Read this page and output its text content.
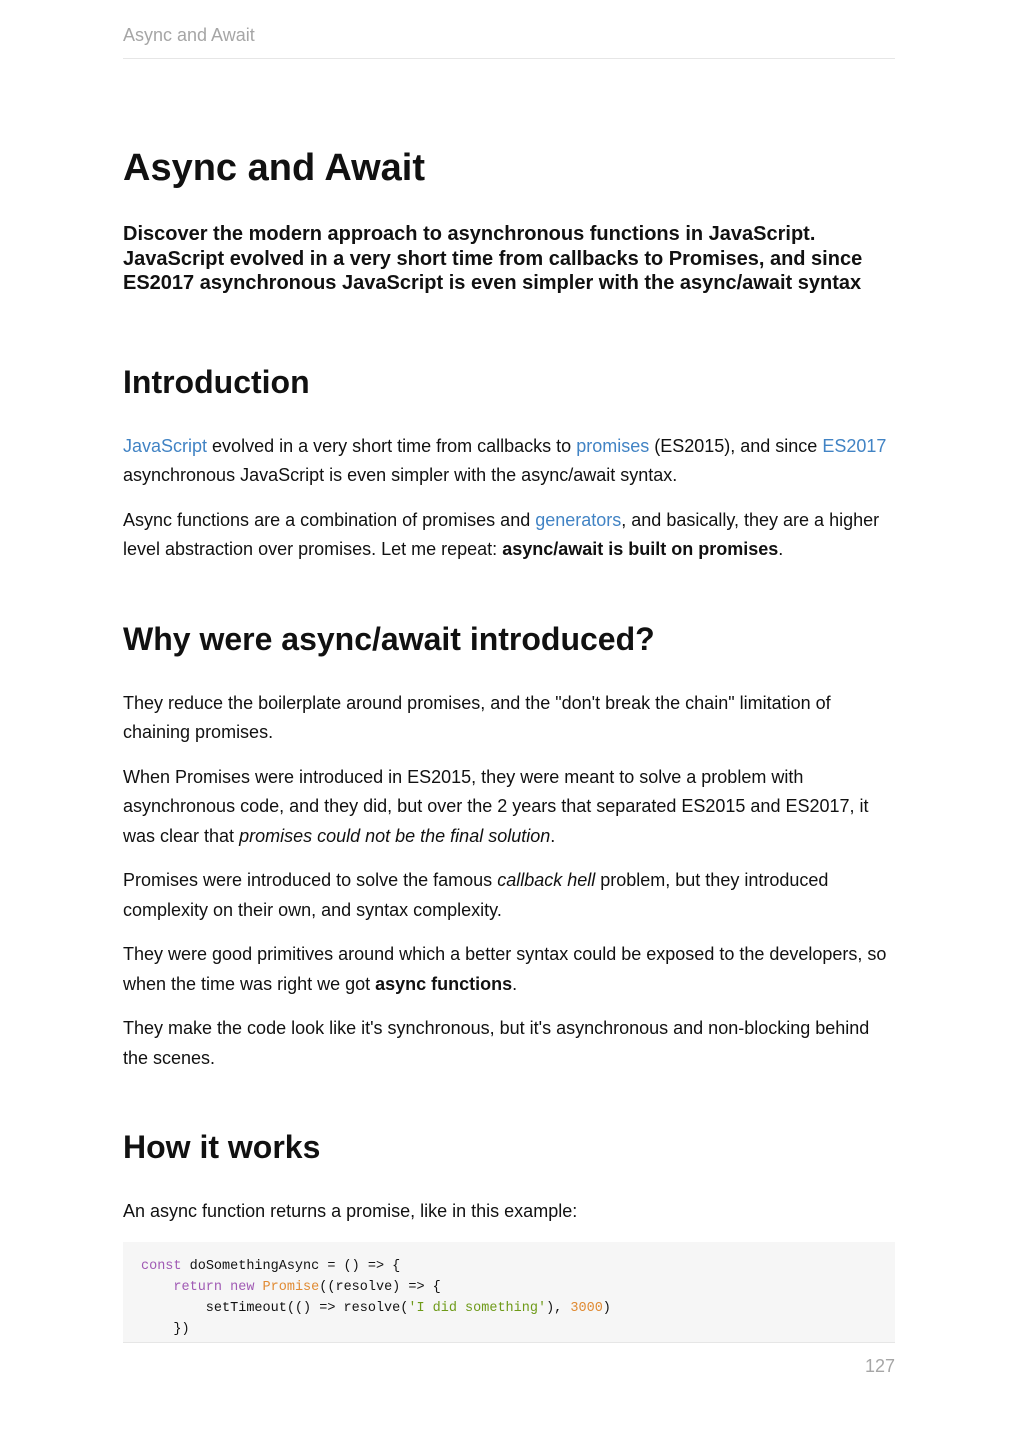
Async and Await
Async and Await
Discover the modern approach to asynchronous functions in JavaScript. JavaScript evolved in a very short time from callbacks to Promises, and since ES2017 asynchronous JavaScript is even simpler with the async/await syntax
Introduction

JavaScript evolved in a very short time from callbacks to promises (ES2015), and since ES2017 asynchronous JavaScript is even simpler with the async/await syntax.

Async functions are a combination of promises and generators, and basically, they are a higher level abstraction over promises. Let me repeat: async/await is built on promises.

Why were async/await introduced?

They reduce the boilerplate around promises, and the "don't break the chain" limitation of chaining promises.

When Promises were introduced in ES2015, they were meant to solve a problem with asynchronous code, and they did, but over the 2 years that separated ES2015 and ES2017, it was clear that promises could not be the final solution.

Promises were introduced to solve the famous callback hell problem, but they introduced complexity on their own, and syntax complexity.

They were good primitives around which a better syntax could be exposed to the developers, so when the time was right we got async functions.

They make the code look like it's synchronous, but it's asynchronous and non-blocking behind the scenes.

How it works

An async function returns a promise, like in this example:

const doSomethingAsync = () => {
return new Promise((resolve) => {
setTimeout(() => resolve('I did something'), 3000)
})
127
